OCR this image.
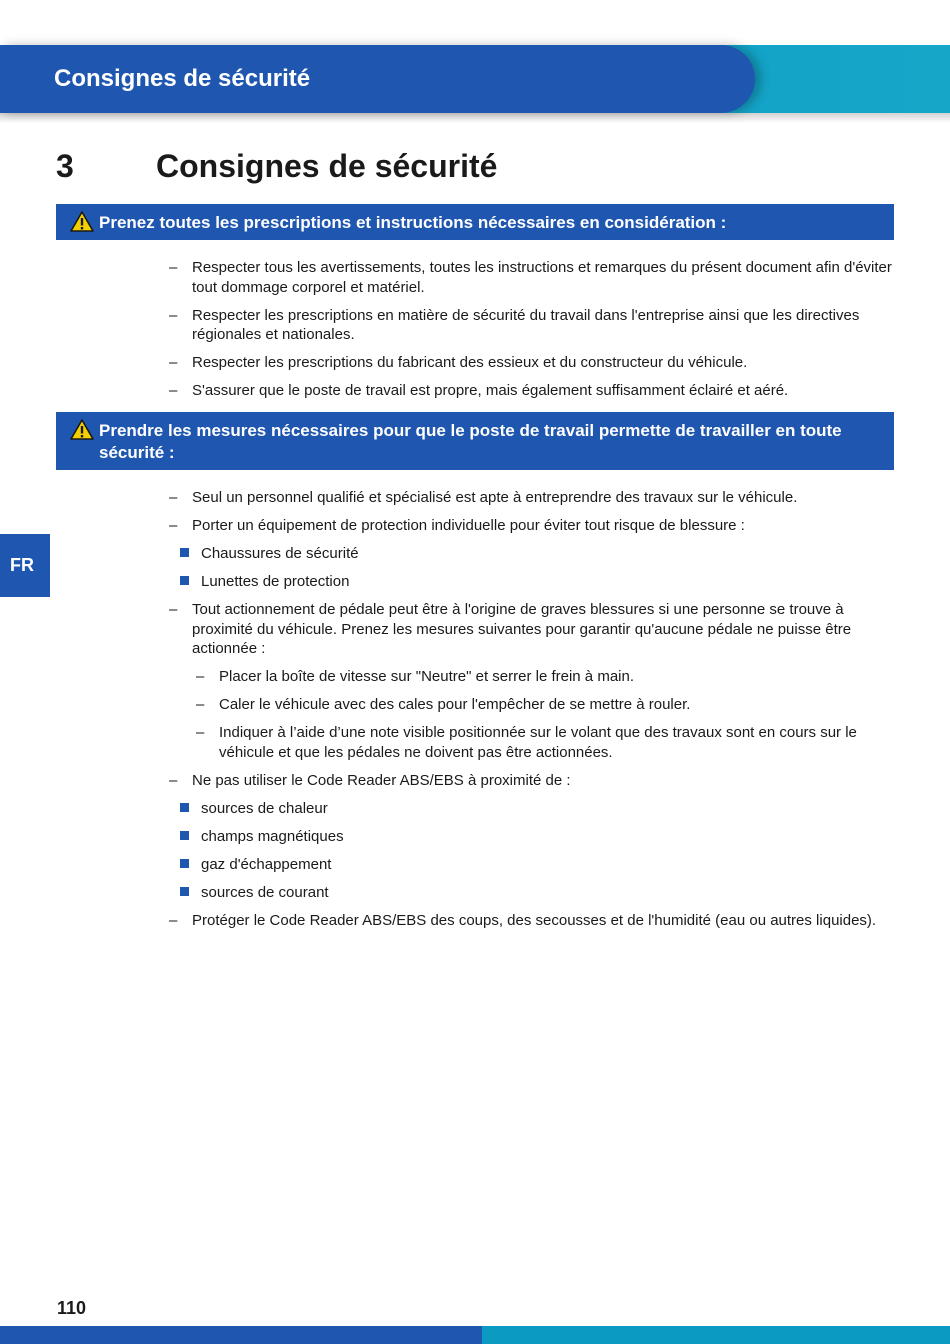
Consignes de sécurité
3	Consignes de sécurité
Prenez toutes les prescriptions et instructions nécessaires en considération :
– Respecter tous les avertissements, toutes les instructions et remarques du présent document afin d'éviter tout dommage corporel et matériel.
– Respecter les prescriptions en matière de sécurité du travail dans l'entreprise ainsi que les directives régionales et nationales.
– Respecter les prescriptions du fabricant des essieux et du constructeur du véhicule.
– S'assurer que le poste de travail est propre, mais également suffisamment éclairé et aéré.
Prendre les mesures nécessaires pour que le poste de travail permette de travailler en toute sécurité :
– Seul un personnel qualifié et spécialisé est apte à entreprendre des travaux sur le véhicule.
– Porter un équipement de protection individuelle pour éviter tout risque de blessure :
Chaussures de sécurité
Lunettes de protection
– Tout actionnement de pédale peut être à l'origine de graves blessures si une personne se trouve à proximité du véhicule. Prenez les mesures suivantes pour garantir qu'aucune pédale ne puisse être actionnée :
– Placer la boîte de vitesse sur "Neutre" et serrer le frein à main.
– Caler le véhicule avec des cales pour l'empêcher de se mettre à rouler.
– Indiquer à l’aide d’une note visible positionnée sur le volant que des travaux sont en cours sur le véhicule et que les pédales ne doivent pas être actionnées.
– Ne pas utiliser le Code Reader ABS/EBS à proximité de :
sources de chaleur
champs magnétiques
gaz d'échappement
sources de courant
– Protéger le Code Reader ABS/EBS des coups, des secousses et de l'humidité (eau ou autres liquides).
FR
110
